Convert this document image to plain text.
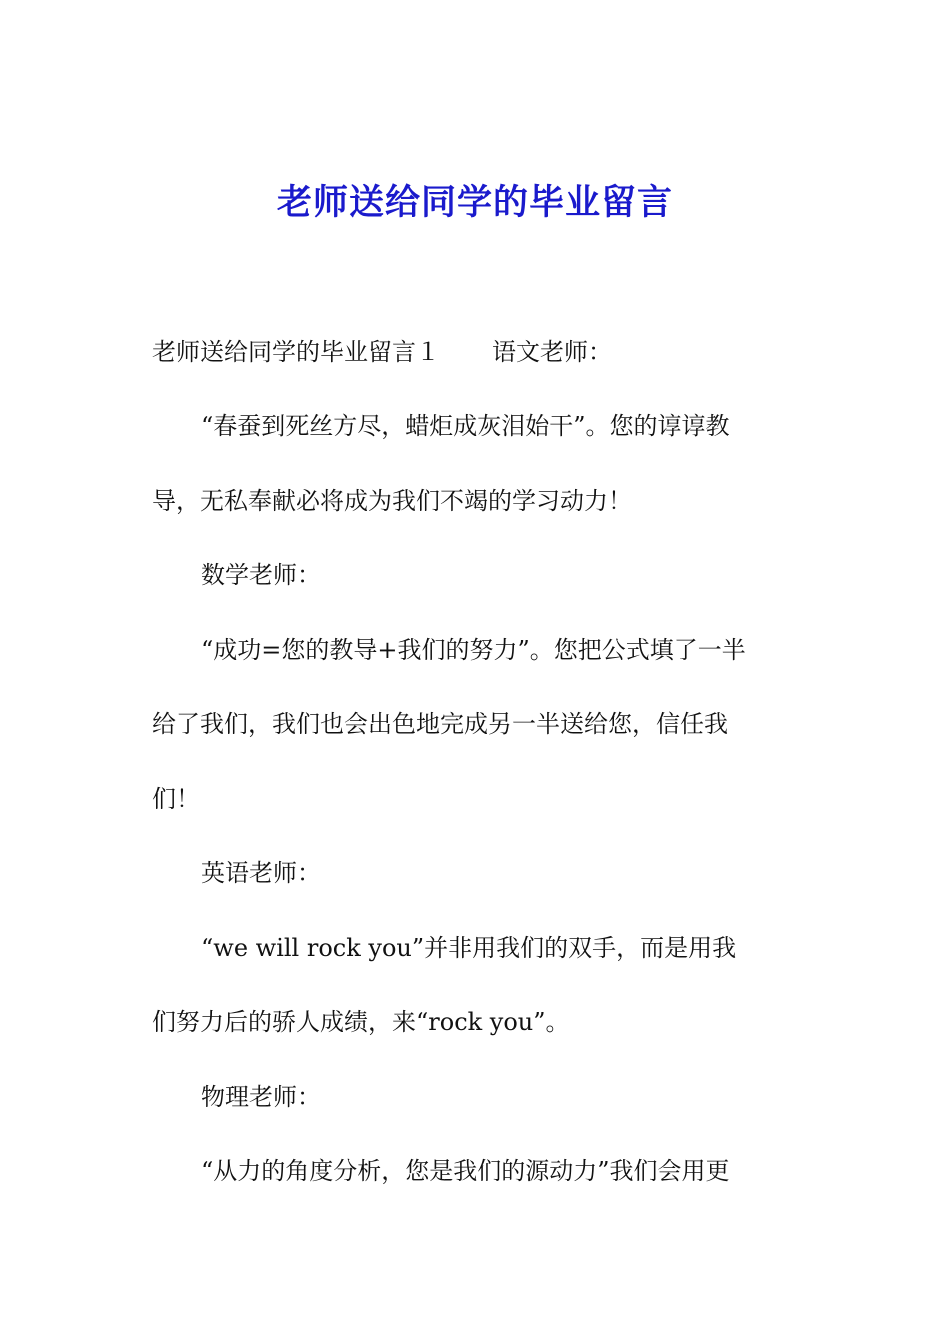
老师送给同学的毕业留言
老师送给同学的毕业留言１ 语文老师：
“春蚕到死丝方尽，蜡炬成灰泪始干”。您的谆谆教
导，无私奉献必将成为我们不竭的学习动力！
数学老师：
“成功=您的教导+我们的努力”。您把公式填了一半
给了我们，我们也会出色地完成另一半送给您，信任我
们！
英语老师：
“we will rock you”并非用我们的双手，而是用我
们努力后的骄人成绩，来“rock you”。
物理老师：
“从力的角度分析，您是我们的源动力”我们会用更
